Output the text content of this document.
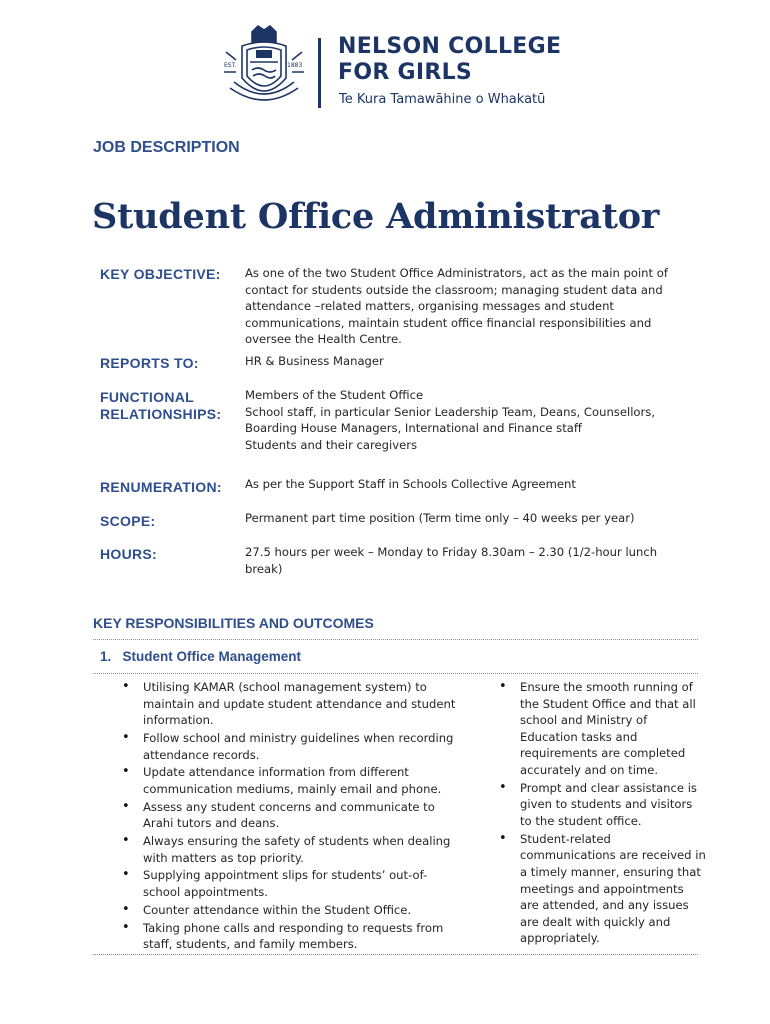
EST.	1883
NELSON COLLEGE
FOR GIRLS
Te Kura Tamawāhine o Whakatū
JOB DESCRIPTION
Student Office Administrator
KEY OBJECTIVE: As one of the two Student Office Administrators, act as the main point of
contact for students outside the classroom; managing student data and
attendance –related matters, organising messages and student
communications, maintain student office financial responsibilities and
oversee the Health Centre.
REPORTS TO:	HR & Business Manager
FUNCTIONAL
RELATIONSHIPS:
Members of the Student Office
School staff, in particular Senior Leadership Team, Deans, Counsellors,
Boarding House Managers, International and Finance staff
Students and their caregivers
RENUMERATION: As per the Support Staff in Schools Collective Agreement
SCOPE:	Permanent part time position (Term time only – 40 weeks per year)
HOURS:	27.5 hours per week – Monday to Friday 8.30am – 2.30 (1/2-hour lunch
break)
KEY RESPONSIBILITIES AND OUTCOMES
1.   Student Office Management
• Utilising KAMAR (school management system) to maintain and update student attendance and student information.
• Follow school and ministry guidelines when recording attendance records.
• Update attendance information from different communication mediums, mainly email and phone.
• Assess any student concerns and communicate to Arahi tutors and deans.
• Always ensuring the safety of students when dealing with matters as top priority.
• Supplying appointment slips for students’ out-of-school appointments.
• Counter attendance within the Student Office.
• Taking phone calls and responding to requests from staff, students, and family members.
• Ensure the smooth running of the Student Office and that all school and Ministry of Education tasks and requirements are completed accurately and on time.
• Prompt and clear assistance is given to students and visitors to the student office.
• Student-related communications are received in a timely manner, ensuring that meetings and appointments are attended, and any issues are dealt with quickly and appropriately.
